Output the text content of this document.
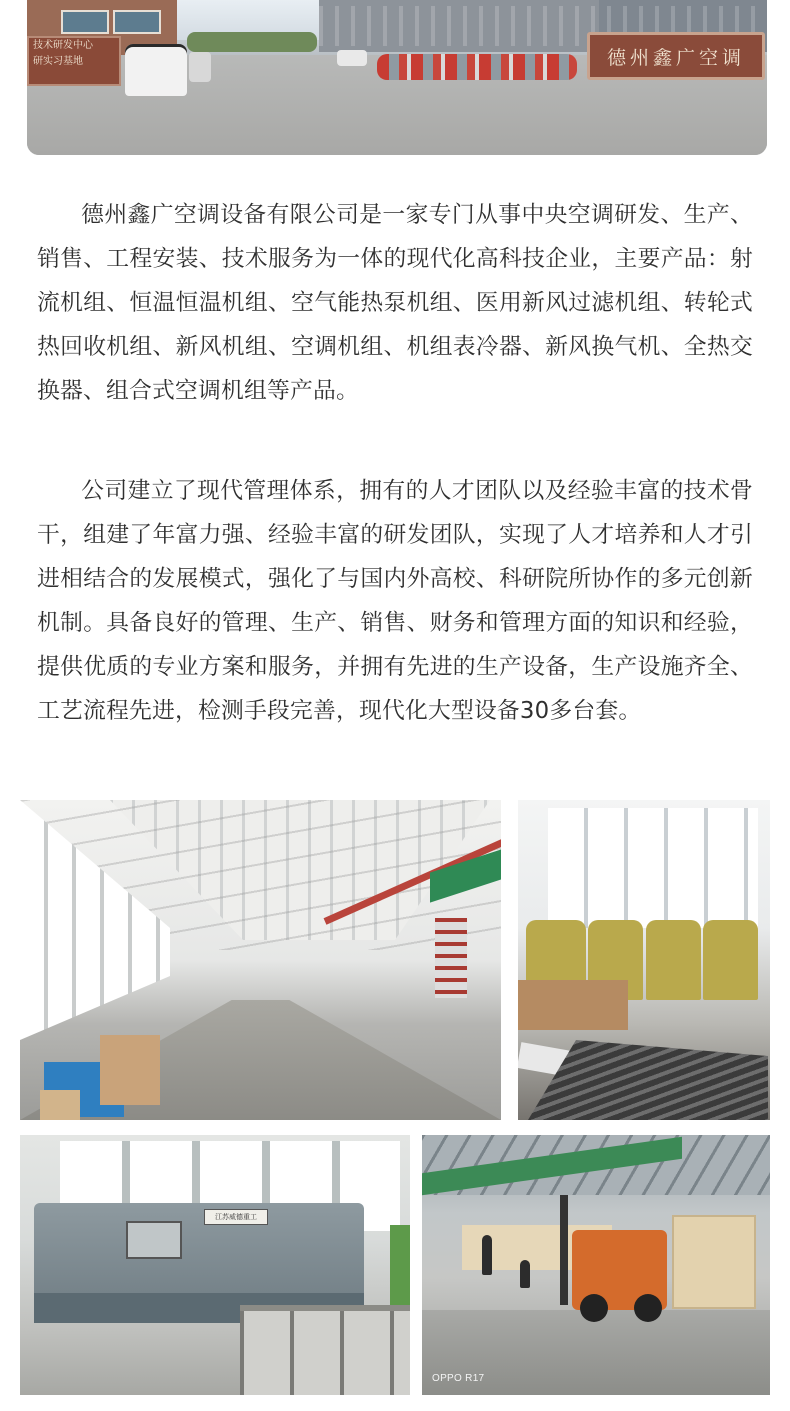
技术研发中心
研实习基地	德州鑫广空调

德州鑫广空调设备有限公司是一家专门从事中央空调研发、生产、销售、工程安装、技术服务为一体的现代化高科技企业，主要产品：射流机组、恒温恒温机组、空气能热泵机组、医用新风过滤机组、转轮式热回收机组、新风机组、空调机组、机组表冷器、新风换气机、全热交换器、组合式空调机组等产品。

公司建立了现代管理体系，拥有的人才团队以及经验丰富的技术骨干，组建了年富力强、经验丰富的研发团队，实现了人才培养和人才引进相结合的发展模式，强化了与国内外高校、科研院所协作的多元创新机制。具备良好的管理、生产、销售、财务和管理方面的知识和经验，提供优质的专业方案和服务，并拥有先进的生产设备，生产设施齐全、工艺流程先进，检测手段完善，现代化大型设备30多台套。

江苏威德重工
OPPO R17
